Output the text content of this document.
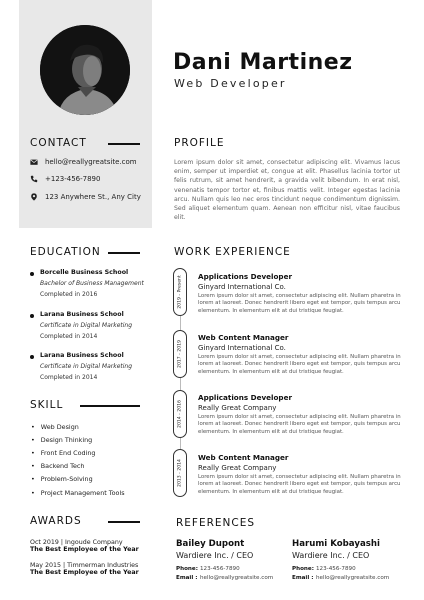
Dani Martinez
Web Developer
CONTACT
hello@reallygreatsite.com
+123-456-7890
123 Anywhere St., Any City
PROFILE
Lorem ipsum dolor sit amet, consectetur adipiscing elit. Vivamus lacus enim, semper ut imperdiet et, congue at elit. Phasellus lacinia tortor ut felis rutrum, sit amet hendrerit, a gravida velit bibendum. In erat nisl, venenatis tempor tortor et, finibus mattis velit. Integer egestas lacinia arcu. Nullam quis leo nec eros tincidunt neque condimentum dignissim. Sed aliquet elementum quam. Aenean non efficitur nisl, vitae faucibus elit.
EDUCATION
Borcelle Business School
Bachelor of Business Management
Completed in 2016
Larana Business School
Certificate in Digital Marketing
Completed in 2014
Larana Business School
Certificate in Digital Marketing
Completed in 2014
SKILL
• Web Design
• Design Thinking
• Front End Coding
• Backend Tech
• Problem-Solving
• Project Management Tools
AWARDS
Oct 2019 | Ingoude Company
The Best Employee of the Year
May 2015 | Timmerman Industries
The Best Employee of the Year
WORK EXPERIENCE
2019 - Present Applications Developer
Ginyard International Co.
Lorem ipsum dolor sit amet, consectetur adipiscing elit. Nullam pharetra in lorem at laoreet. Donec hendrerit libero eget est tempor, quis tempus arcu elementum. In elementum elit at dui tristique feugiat.
2017 - 2019
Web Content Manager
Ginyard International Co.
Lorem ipsum dolor sit amet, consectetur adipiscing elit. Nullam pharetra in lorem at laoreet. Donec hendrerit libero eget est tempor, quis tempus arcu elementum. In elementum elit at dui tristique feugiat.
2014 - 2016
Applications Developer
Really Great Company
Lorem ipsum dolor sit amet, consectetur adipiscing elit. Nullam pharetra in lorem at laoreet. Donec hendrerit libero eget est tempor, quis tempus arcu elementum. In elementum elit at dui tristique feugiat.
2013 - 2014
Web Content Manager
Really Great Company
Lorem ipsum dolor sit amet, consectetur adipiscing elit. Nullam pharetra in lorem at laoreet. Donec hendrerit libero eget est tempor, quis tempus arcu elementum. In elementum elit at dui tristique feugiat.
REFERENCES
Bailey Dupont
Wardiere Inc. / CEO
Phone: 123-456-7890
Email : hello@reallygreatsite.com
Harumi Kobayashi
Wardiere Inc. / CEO
Phone: 123-456-7890
Email : hello@reallygreatsite.com
